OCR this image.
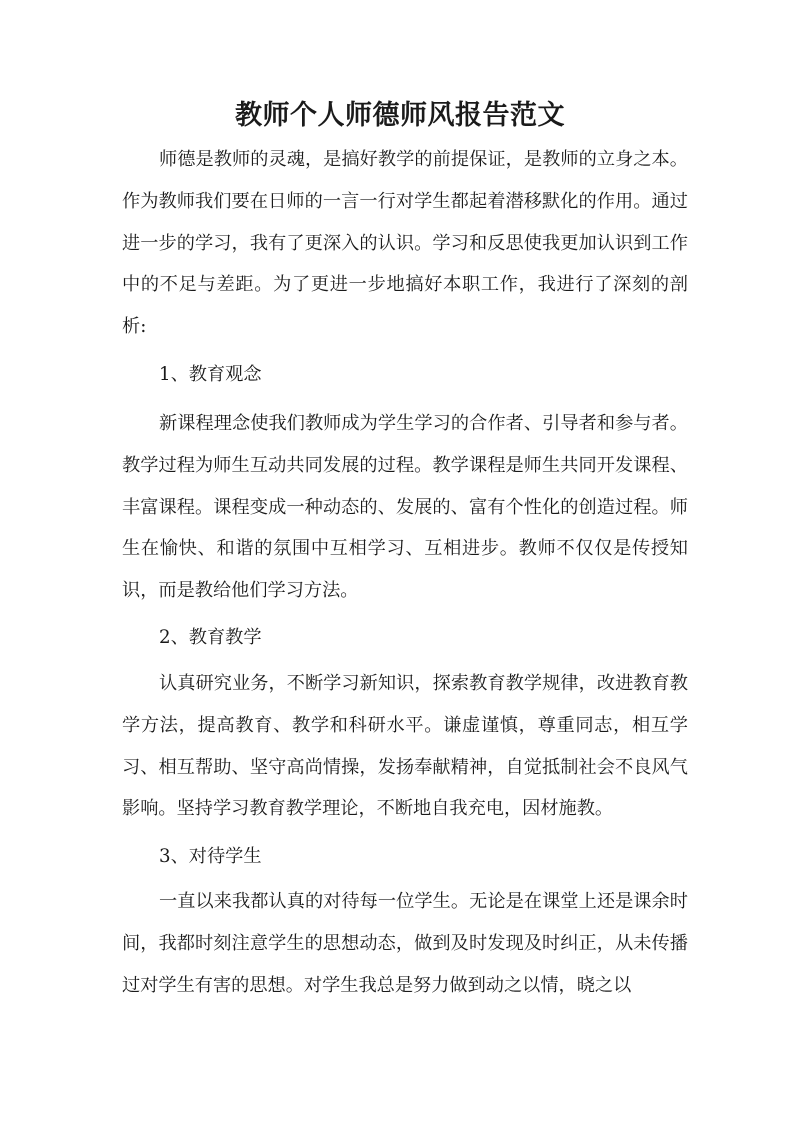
教师个人师德师风报告范文

师德是教师的灵魂，是搞好教学的前提保证，是教师的立身之本。作为教师我们要在日师的一言一行对学生都起着潜移默化的作用。通过进一步的学习，我有了更深入的认识。学习和反思使我更加认识到工作中的不足与差距。为了更进一步地搞好本职工作，我进行了深刻的剖析:

1、教育观念

新课程理念使我们教师成为学生学习的合作者、引导者和参与者。教学过程为师生互动共同发展的过程。教学课程是师生共同开发课程、丰富课程。课程变成一种动态的、发展的、富有个性化的创造过程。师生在愉快、和谐的氛围中互相学习、互相进步。教师不仅仅是传授知识，而是教给他们学习方法。

2、教育教学

认真研究业务，不断学习新知识，探索教育教学规律，改进教育教学方法，提高教育、教学和科研水平。谦虚谨慎，尊重同志，相互学习、相互帮助、坚守高尚情操，发扬奉献精神，自觉抵制社会不良风气影响。坚持学习教育教学理论，不断地自我充电，因材施教。

3、对待学生

一直以来我都认真的对待每一位学生。无论是在课堂上还是课余时间，我都时刻注意学生的思想动态，做到及时发现及时纠正，从未传播过对学生有害的思想。对学生我总是努力做到动之以情，晓之以
